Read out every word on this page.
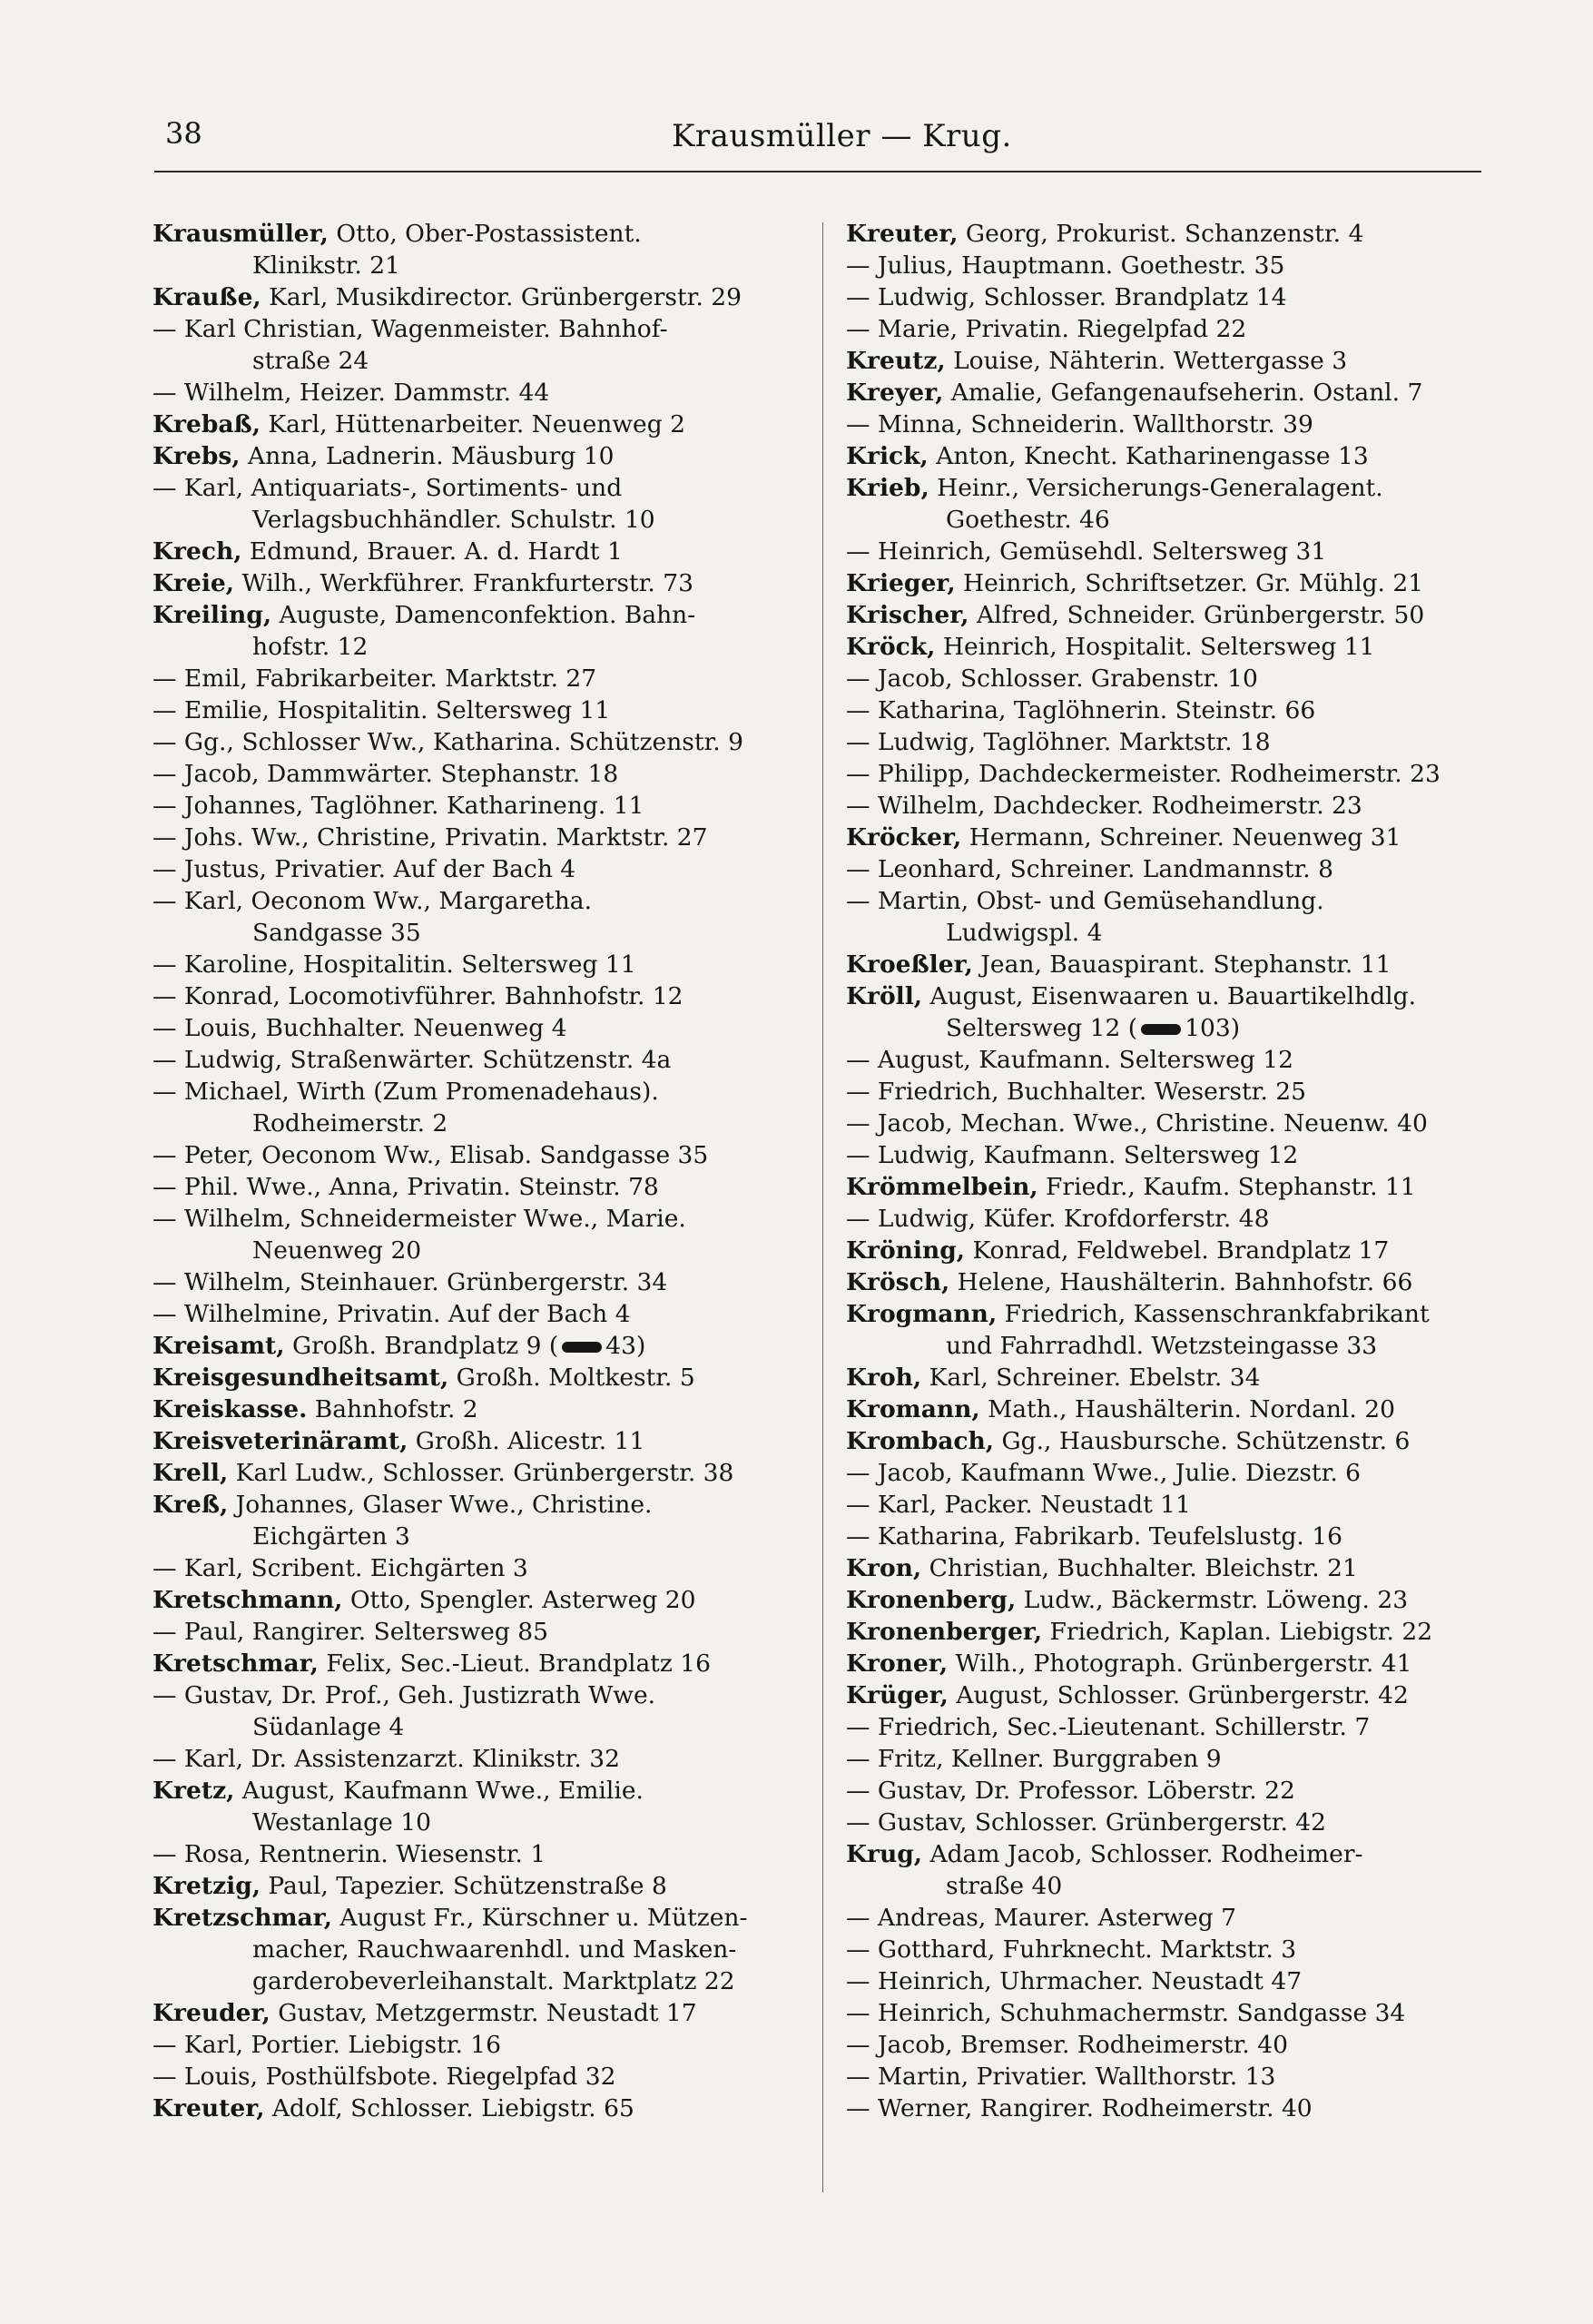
38	Krausmüller — Krug.
Krausmüller, Otto, Ober-Postassistent.
Klinikstr. 21
Krauße, Karl, Musikdirector. Grünbergerstr. 29
— Karl Christian, Wagenmeister. Bahnhof-
straße 24
— Wilhelm, Heizer. Dammstr. 44
Krebaß, Karl, Hüttenarbeiter. Neuenweg 2
Krebs, Anna, Ladnerin. Mäusburg 10
— Karl, Antiquariats-, Sortiments- und
Verlagsbuchhändler. Schulstr. 10
Krech, Edmund, Brauer. A. d. Hardt 1
Kreie, Wilh., Werkführer. Frankfurterstr. 73
Kreiling, Auguste, Damenconfektion. Bahn-
hofstr. 12
— Emil, Fabrikarbeiter. Marktstr. 27
— Emilie, Hospitalitin. Seltersweg 11
— Gg., Schlosser Ww., Katharina. Schützenstr. 9
— Jacob, Dammwärter. Stephanstr. 18
— Johannes, Taglöhner. Katharineng. 11
— Johs. Ww., Christine, Privatin. Marktstr. 27
— Justus, Privatier. Auf der Bach 4
— Karl, Oeconom Ww., Margaretha.
Sandgasse 35
— Karoline, Hospitalitin. Seltersweg 11
— Konrad, Locomotivführer. Bahnhofstr. 12
— Louis, Buchhalter. Neuenweg 4
— Ludwig, Straßenwärter. Schützenstr. 4a
— Michael, Wirth (Zum Promenadehaus).
Rodheimerstr. 2
— Peter, Oeconom Ww., Elisab. Sandgasse 35
— Phil. Wwe., Anna, Privatin. Steinstr. 78
— Wilhelm, Schneidermeister Wwe., Marie.
Neuenweg 20
— Wilhelm, Steinhauer. Grünbergerstr. 34
— Wilhelmine, Privatin. Auf der Bach 4
Kreisamt, Großh. Brandplatz 9 ( 43)
Kreisgesundheitsamt, Großh. Moltkestr. 5
Kreiskasse. Bahnhofstr. 2
Kreisveterinäramt, Großh. Alicestr. 11
Krell, Karl Ludw., Schlosser. Grünbergerstr. 38
Kreß, Johannes, Glaser Wwe., Christine.
Eichgärten 3
— Karl, Scribent. Eichgärten 3
Kretschmann, Otto, Spengler. Asterweg 20
— Paul, Rangirer. Seltersweg 85
Kretschmar, Felix, Sec.-Lieut. Brandplatz 16
— Gustav, Dr. Prof., Geh. Justizrath Wwe.
Südanlage 4
— Karl, Dr. Assistenzarzt. Klinikstr. 32
Kretz, August, Kaufmann Wwe., Emilie.
Westanlage 10
— Rosa, Rentnerin. Wiesenstr. 1
Kretzig, Paul, Tapezier. Schützenstraße 8
Kretzschmar, August Fr., Kürschner u. Mützen-
macher, Rauchwaarenhdl. und Masken-
garderobeverleihanstalt. Marktplatz 22
Kreuder, Gustav, Metzgermstr. Neustadt 17
— Karl, Portier. Liebigstr. 16
— Louis, Posthülfsbote. Riegelpfad 32
Kreuter, Adolf, Schlosser. Liebigstr. 65
Kreuter, Georg, Prokurist. Schanzenstr. 4
— Julius, Hauptmann. Goethestr. 35
— Ludwig, Schlosser. Brandplatz 14
— Marie, Privatin. Riegelpfad 22
Kreutz, Louise, Nähterin. Wettergasse 3
Kreyer, Amalie, Gefangenaufseherin. Ostanl. 7
— Minna, Schneiderin. Wallthorstr. 39
Krick, Anton, Knecht. Katharinengasse 13
Krieb, Heinr., Versicherungs-Generalagent.
Goethestr. 46
— Heinrich, Gemüsehdl. Seltersweg 31
Krieger, Heinrich, Schriftsetzer. Gr. Mühlg. 21
Krischer, Alfred, Schneider. Grünbergerstr. 50
Kröck, Heinrich, Hospitalit. Seltersweg 11
— Jacob, Schlosser. Grabenstr. 10
— Katharina, Taglöhnerin. Steinstr. 66
— Ludwig, Taglöhner. Marktstr. 18
— Philipp, Dachdeckermeister. Rodheimerstr. 23
— Wilhelm, Dachdecker. Rodheimerstr. 23
Kröcker, Hermann, Schreiner. Neuenweg 31
— Leonhard, Schreiner. Landmannstr. 8
— Martin, Obst- und Gemüsehandlung.
Ludwigspl. 4
Kroeßler, Jean, Bauaspirant. Stephanstr. 11
Kröll, August, Eisenwaaren u. Bauartikelhdlg.
Seltersweg 12 ( 103)
— August, Kaufmann. Seltersweg 12
— Friedrich, Buchhalter. Weserstr. 25
— Jacob, Mechan. Wwe., Christine. Neuenw. 40
— Ludwig, Kaufmann. Seltersweg 12
Krömmelbein, Friedr., Kaufm. Stephanstr. 11
— Ludwig, Küfer. Krofdorferstr. 48
Kröning, Konrad, Feldwebel. Brandplatz 17
Krösch, Helene, Haushälterin. Bahnhofstr. 66
Krogmann, Friedrich, Kassenschrankfabrikant
und Fahrradhdl. Wetzsteingasse 33
Kroh, Karl, Schreiner. Ebelstr. 34
Kromann, Math., Haushälterin. Nordanl. 20
Krombach, Gg., Hausbursche. Schützenstr. 6
— Jacob, Kaufmann Wwe., Julie. Diezstr. 6
— Karl, Packer. Neustadt 11
— Katharina, Fabrikarb. Teufelslustg. 16
Kron, Christian, Buchhalter. Bleichstr. 21
Kronenberg, Ludw., Bäckermstr. Löweng. 23
Kronenberger, Friedrich, Kaplan. Liebigstr. 22
Kroner, Wilh., Photograph. Grünbergerstr. 41
Krüger, August, Schlosser. Grünbergerstr. 42
— Friedrich, Sec.-Lieutenant. Schillerstr. 7
— Fritz, Kellner. Burggraben 9
— Gustav, Dr. Professor. Löberstr. 22
— Gustav, Schlosser. Grünbergerstr. 42
Krug, Adam Jacob, Schlosser. Rodheimer-
straße 40
— Andreas, Maurer. Asterweg 7
— Gotthard, Fuhrknecht. Marktstr. 3
— Heinrich, Uhrmacher. Neustadt 47
— Heinrich, Schuhmachermstr. Sandgasse 34
— Jacob, Bremser. Rodheimerstr. 40
— Martin, Privatier. Wallthorstr. 13
— Werner, Rangirer. Rodheimerstr. 40
